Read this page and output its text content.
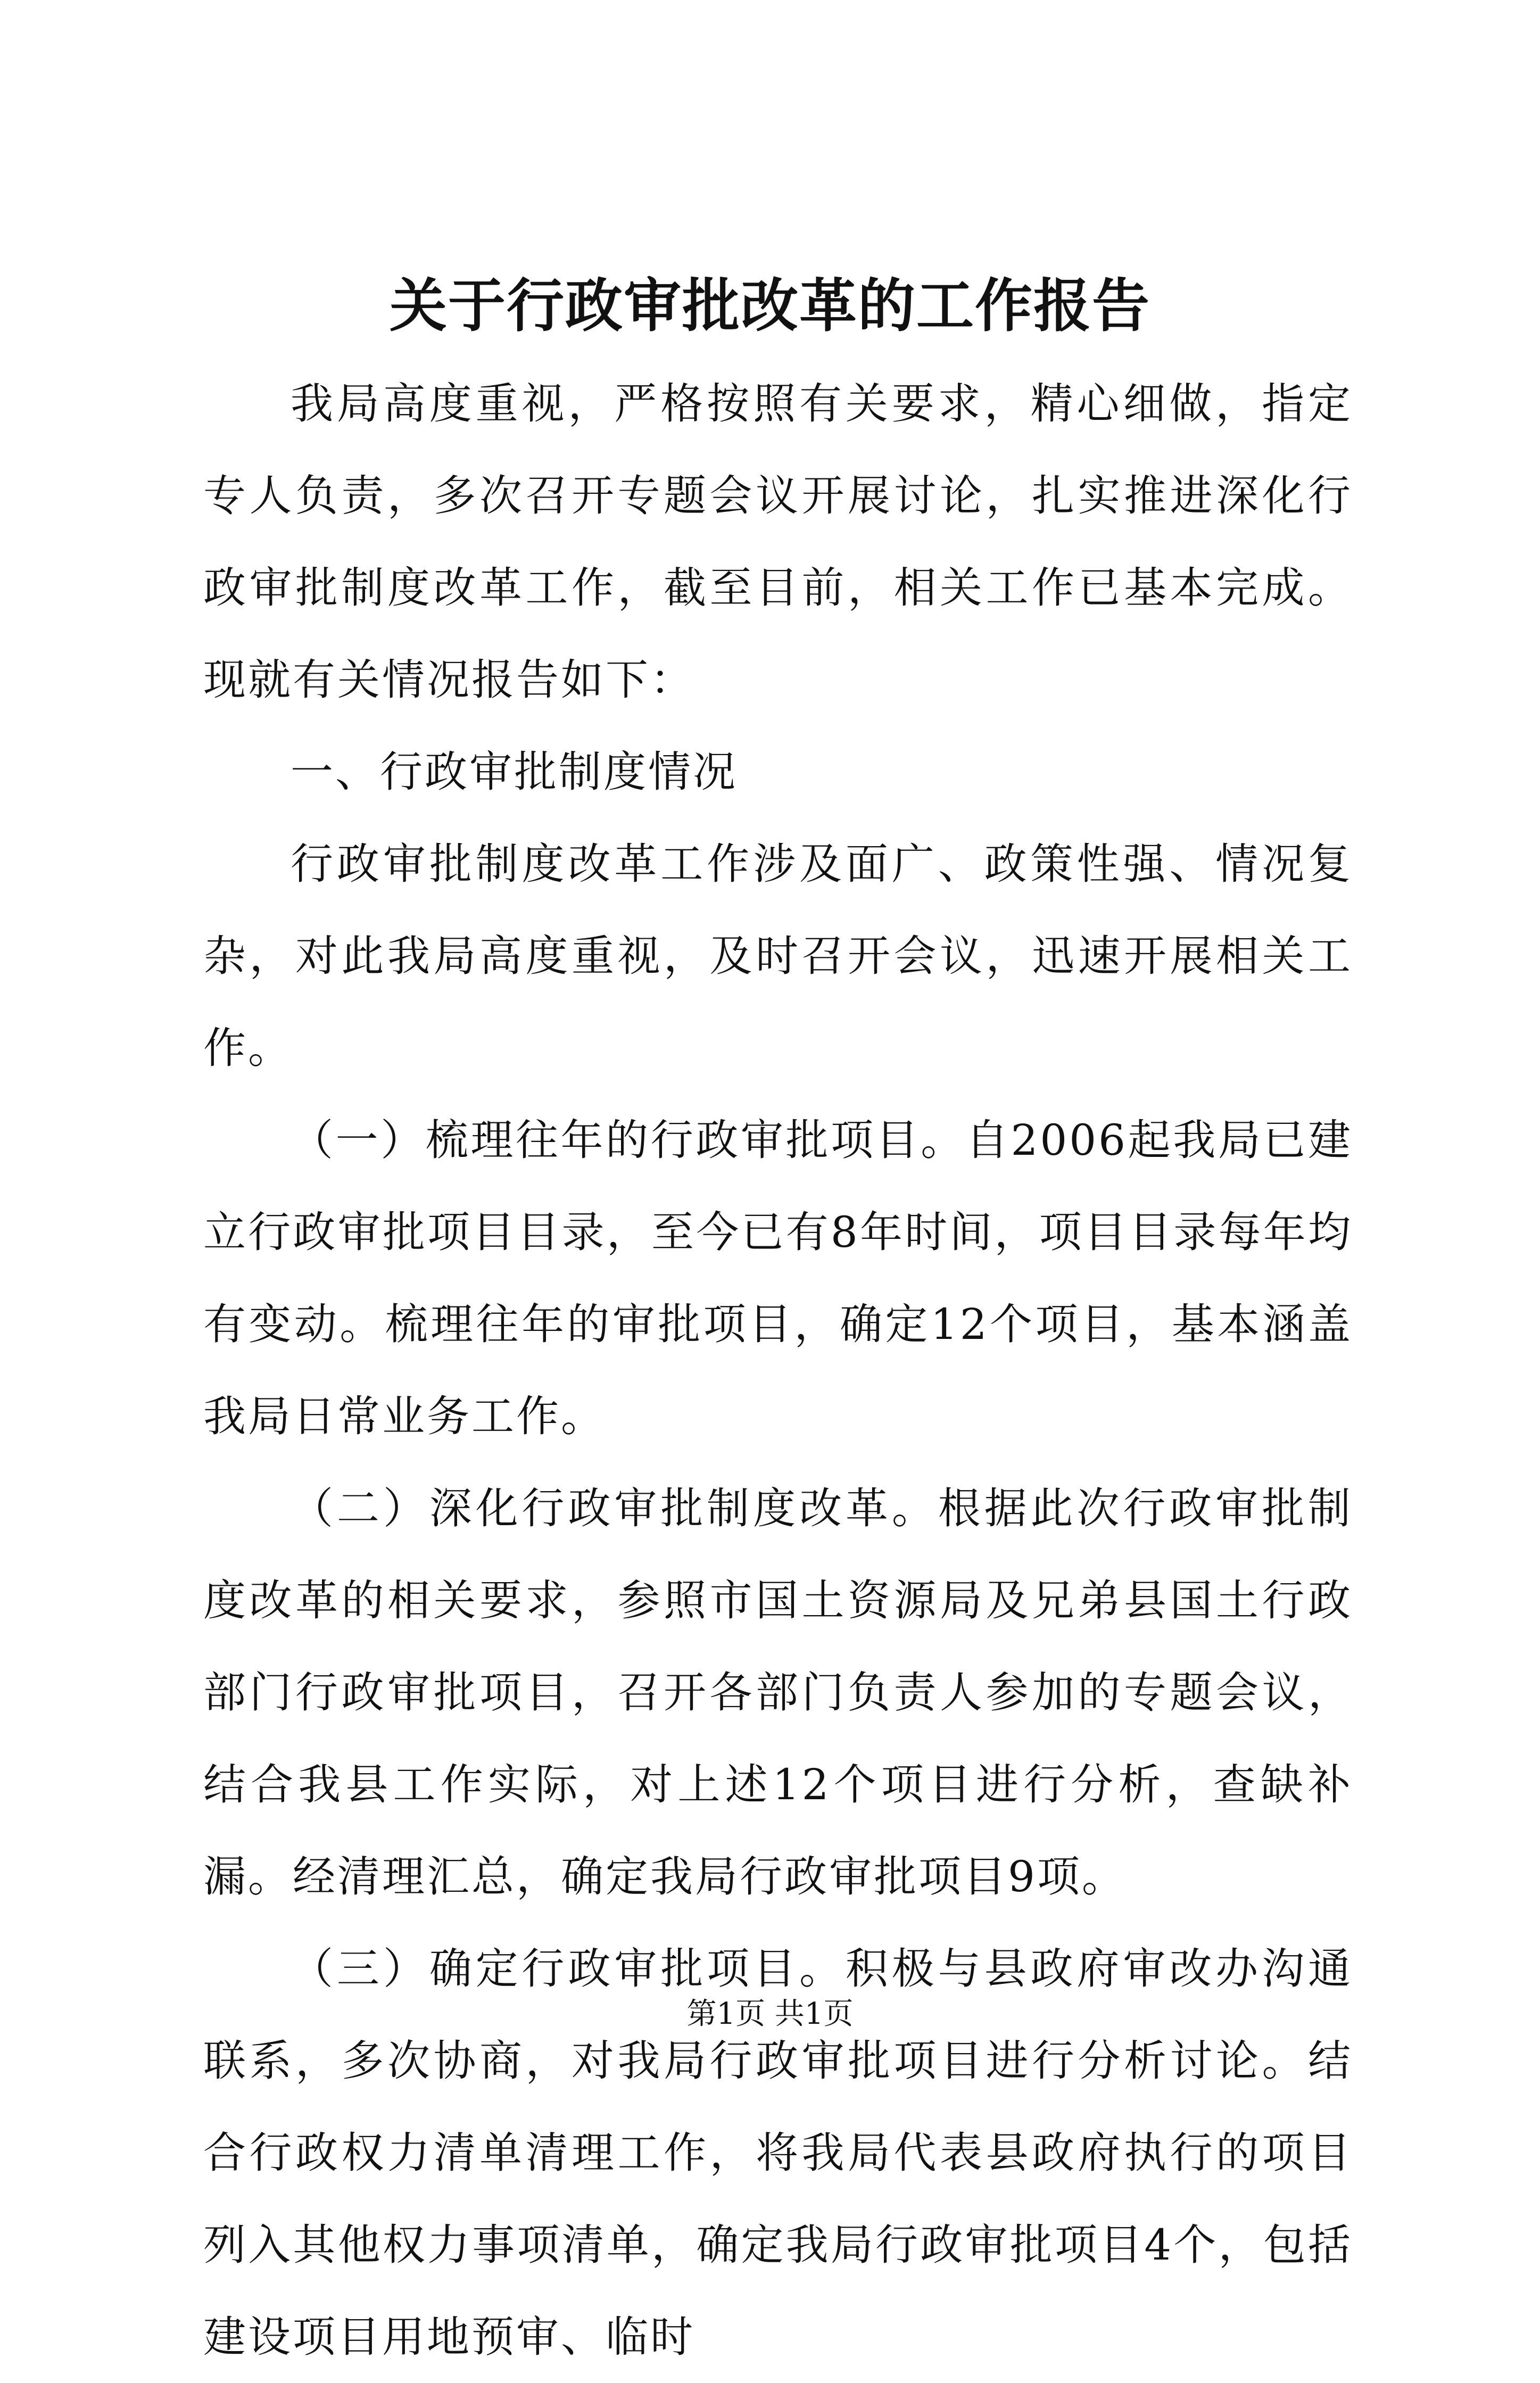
关于行政审批改革的工作报告

我局高度重视，严格按照有关要求，精心细做，指定专人负责，多次召开专题会议开展讨论，扎实推进深化行政审批制度改革工作，截至目前，相关工作已基本完成。现就有关情况报告如下：

一、行政审批制度情况

行政审批制度改革工作涉及面广、政策性强、情况复杂，对此我局高度重视，及时召开会议，迅速开展相关工作。

（一）梳理往年的行政审批项目。自2006起我局已建立行政审批项目目录，至今已有8年时间，项目目录每年均有变动。梳理往年的审批项目，确定12个项目，基本涵盖我局日常业务工作。

（二）深化行政审批制度改革。根据此次行政审批制度改革的相关要求，参照市国土资源局及兄弟县国土行政部门行政审批项目，召开各部门负责人参加的专题会议，结合我县工作实际，对上述12个项目进行分析，查缺补漏。经清理汇总，确定我局行政审批项目9项。

（三）确定行政审批项目。积极与县政府审改办沟通联系，多次协商，对我局行政审批项目进行分析讨论。结合行政权力清单清理工作，将我局代表县政府执行的项目列入其他权力事项清单，确定我局行政审批项目4个，包括建设项目用地预审、临时

第1页 共1页
